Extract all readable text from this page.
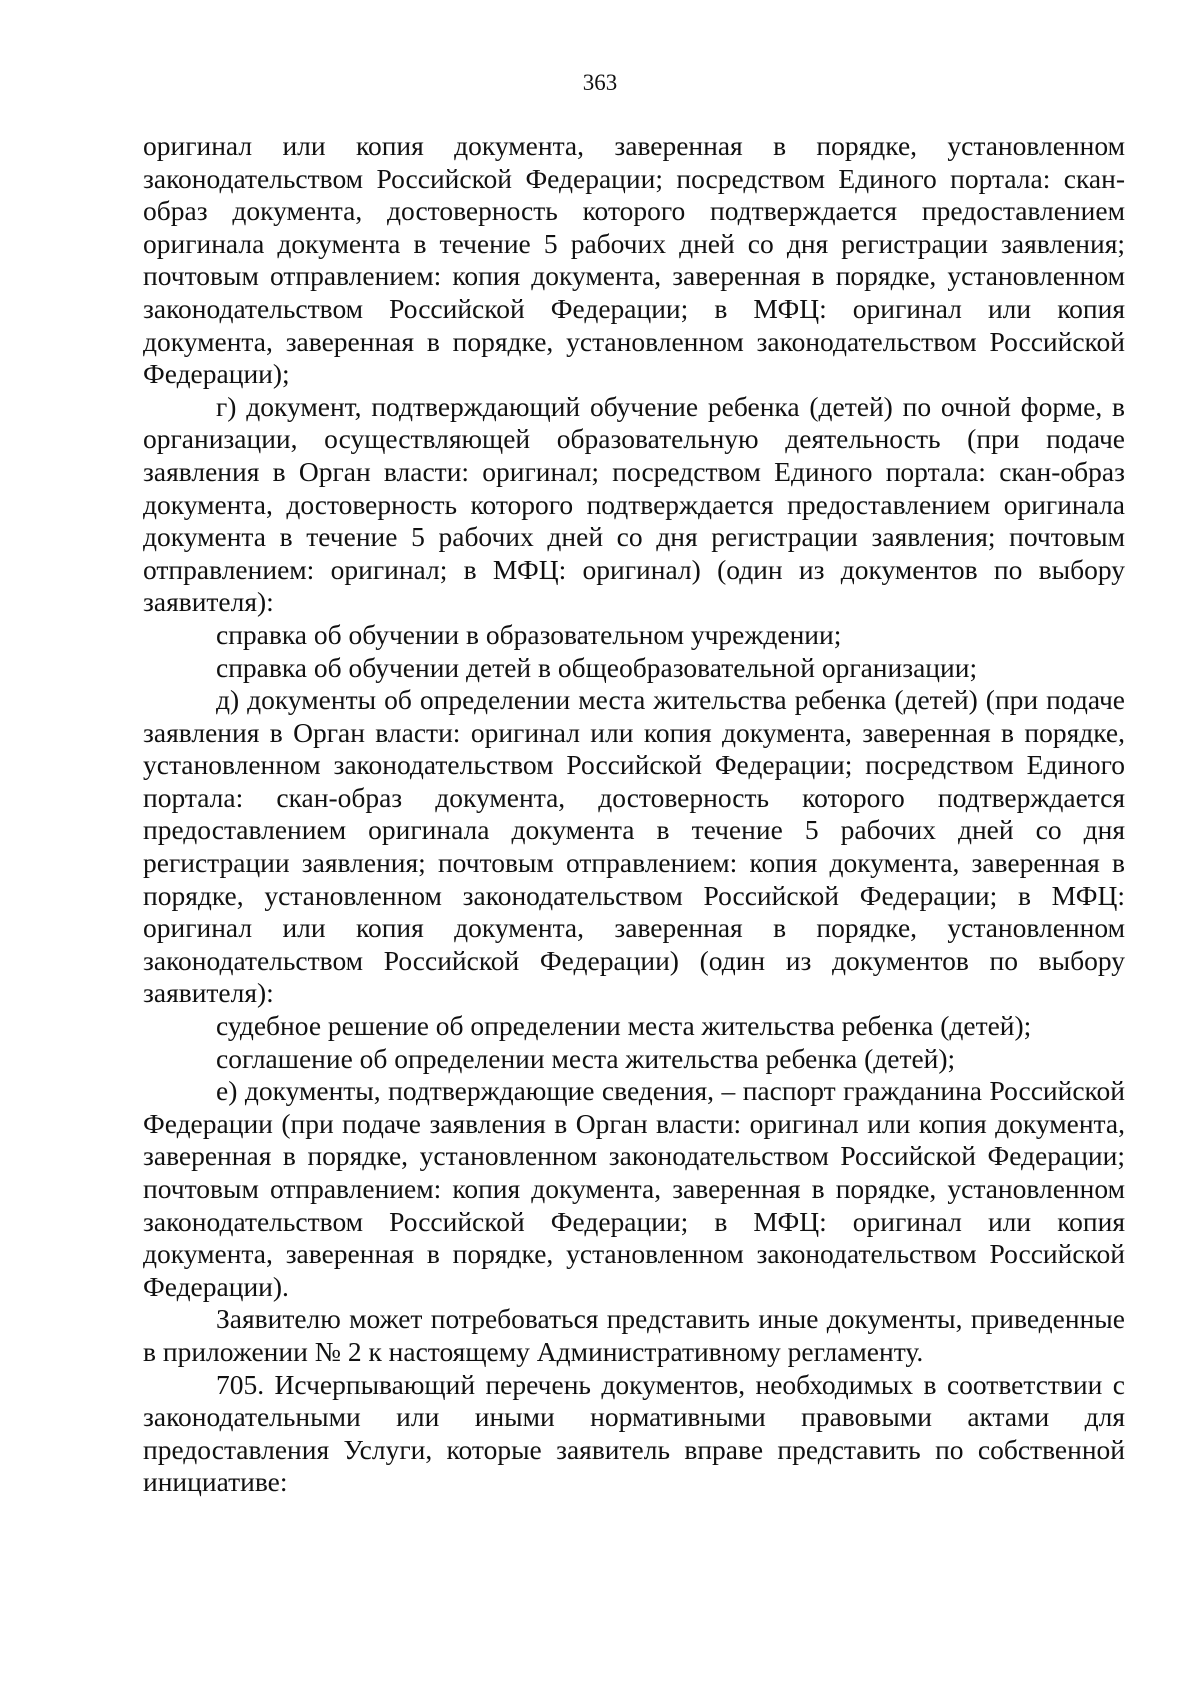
363

оригинал или копия документа, заверенная в порядке, установленном законодательством Российской Федерации; посредством Единого портала: скан-образ документа, достоверность которого подтверждается предоставлением оригинала документа в течение 5 рабочих дней со дня регистрации заявления; почтовым отправлением: копия документа, заверенная в порядке, установленном законодательством Российской Федерации; в МФЦ: оригинал или копия документа, заверенная в порядке, установленном законодательством Российской Федерации);

г) документ, подтверждающий обучение ребенка (детей) по очной форме, в организации, осуществляющей образовательную деятельность (при подаче заявления в Орган власти: оригинал; посредством Единого портала: скан-образ документа, достоверность которого подтверждается предоставлением оригинала документа в течение 5 рабочих дней со дня регистрации заявления; почтовым отправлением: оригинал; в МФЦ: оригинал) (один из документов по выбору заявителя):

справка об обучении в образовательном учреждении;

справка об обучении детей в общеобразовательной организации;

д) документы об определении места жительства ребенка (детей) (при подаче заявления в Орган власти: оригинал или копия документа, заверенная в порядке, установленном законодательством Российской Федерации; посредством Единого портала: скан-образ документа, достоверность которого подтверждается предоставлением оригинала документа в течение 5 рабочих дней со дня регистрации заявления; почтовым отправлением: копия документа, заверенная в порядке, установленном законодательством Российской Федерации; в МФЦ: оригинал или копия документа, заверенная в порядке, установленном законодательством Российской Федерации) (один из документов по выбору заявителя):

судебное решение об определении места жительства ребенка (детей);

соглашение об определении места жительства ребенка (детей);

е) документы, подтверждающие сведения, – паспорт гражданина Российской Федерации (при подаче заявления в Орган власти: оригинал или копия документа, заверенная в порядке, установленном законодательством Российской Федерации; почтовым отправлением: копия документа, заверенная в порядке, установленном законодательством Российской Федерации; в МФЦ: оригинал или копия документа, заверенная в порядке, установленном законодательством Российской Федерации).

Заявителю может потребоваться представить иные документы, приведенные в приложении № 2 к настоящему Административному регламенту.

705. Исчерпывающий перечень документов, необходимых в соответствии с законодательными или иными нормативными правовыми актами для предоставления Услуги, которые заявитель вправе представить по собственной инициативе:
